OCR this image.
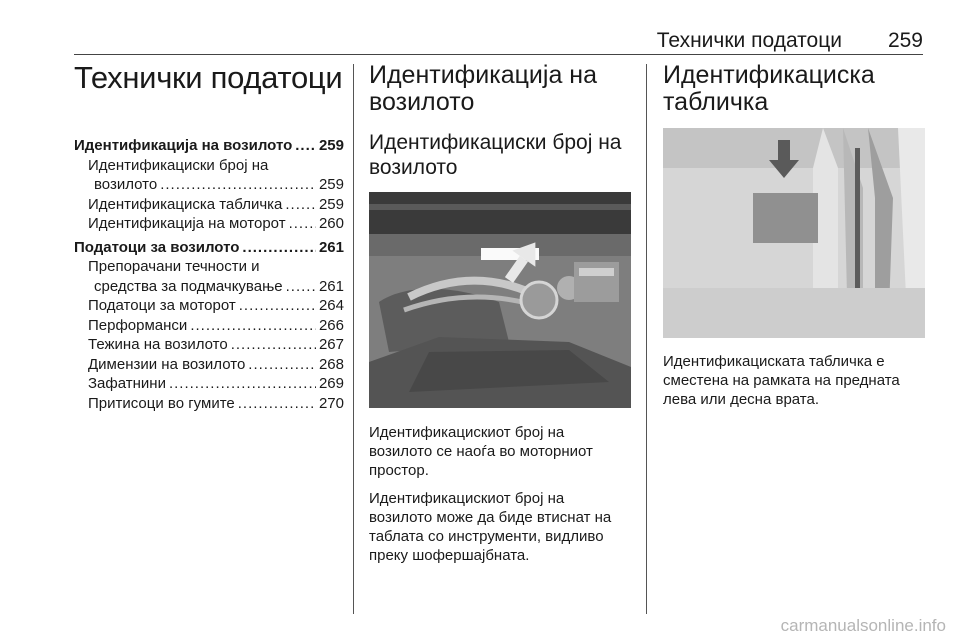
Технички податоци 259
Технички податоци
Идентификација на возилото ..... 259
Идентификациски број на
возилото .....	259
Идентификациска табличка ..... 259
Идентификација на моторот ..... 260
Податоци за возилото .....	261
Препорачани течности и
средства за подмачкување ..... 261
Податоци за моторот .....	264
Перформанси .....	266
Тежина на возилото .....	267
Димензии на возилото .....	268
Зафатнини .....	269
Притисоци во гумите .....	270
Идентификација на возилото
Идентификациски број на возилото

Идентификацискиот број на возилото се наоѓа во моторниот простор.

Идентификацискиот број на возилото може да биде втиснат на таблата со инструменти, видливо преку шофершајбната.

Идентификациска табличка

Идентификациската табличка е сместена на рамката на предната лева или десна врата.

carmanualsonline.info
